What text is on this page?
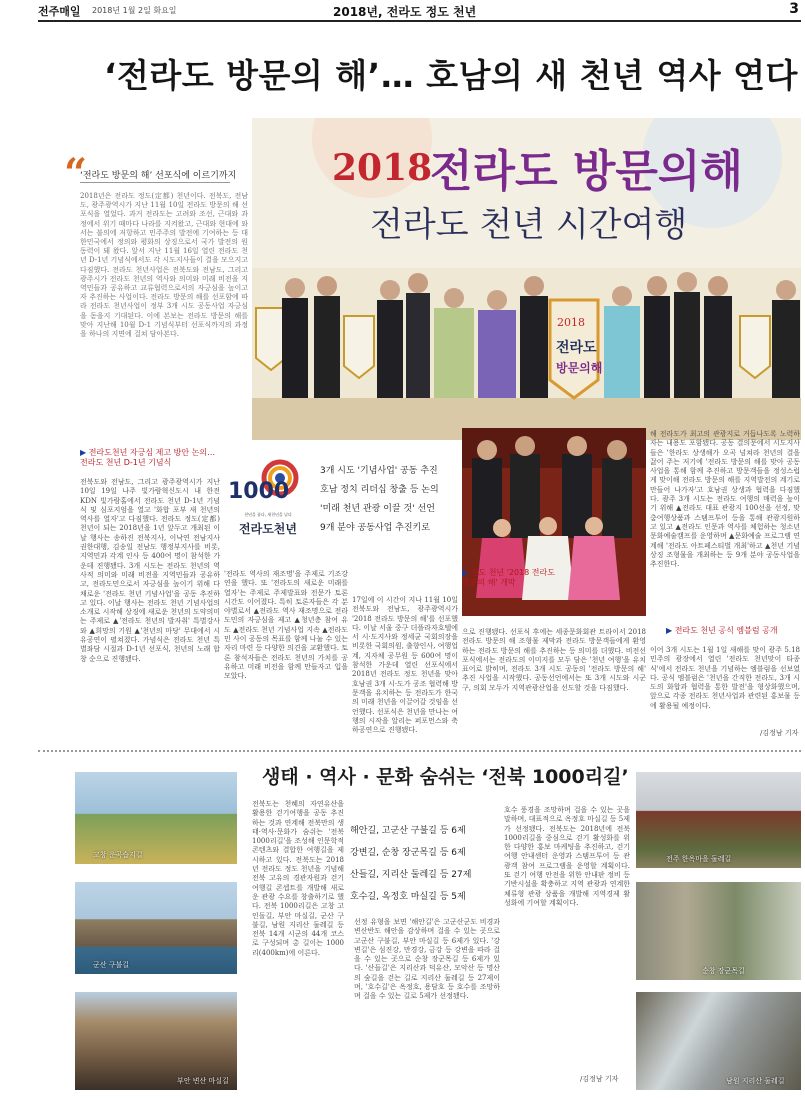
전주매일 2018년 1월 2일 화요일	2018년, 전라도 정도 천년	3
‘전라도 방문의 해’… 호남의 새 천년 역사 연다
“
‘전라도 방문의 해’ 선포식에 이르기까지

2018년은 전라도 정도(定都) 천년이다. 전북도, 전남도, 광주광역시가 지난 11월 10일 전라도 방문의 해 선포식을 열었다. 과거 전라도는 고려와 조선, 근대와 과정에서 위기 때마다 나라를 지켜왔고, 근대와 현대에 와서는 불의에 저항하고 민주주의 발전에 기여하는 등 대한민국에서 정의와 평화의 상징으로서 국가 발전의 원동력이 돼 왔다. 앞서 지난 11월 16일 열린 전라도 천년 D-1년 기념식에서도 각 시도지사들이 결을 모으지고 다짐했다. 전라도 천년사업은 전북도와 전남도, 그리고 광주시가 전라도 천년의 역사와 의미와 미래 비전을 지역민들과 공유하고 교류협력으로서의 자긍심을 높이고자 추진하는 사업이다. 전라도 방문의 해를 선포함에 따라 전라도 천년사업이 정부 3개 시도 공동사업 자긍심을 돋을지 기대된다. 이에 본보는 전라도 방문의 해를 맞아 지난해 10월 D-1 기념식부터 선포식까지의 과정을 하나의 지면에 걸쳐 담아본다.

2018
전라도 방문의해
전라도 천년 시간여행
2018
전라도
방문의해
▶ 전라도천년 자긍심 제고 방안 논의…
전라도 천년 D-1년 기념식

전북도와 전남도, 그리고 광주광역시가 지난 10일 19일 나주 빛가람혁신도시 내 한전 KDN 빛가람홀에서 전라도 천년 D-1년 기념식 및 심포지엄을 열고 '화합 포부 새 천년의 역사를 열자'고 다짐했다. 전라도 정도(定都) 천년이 되는 2018년을 1년 앞두고 개최된 이날 행사는 송하진 전북지사, 이낙연 전남지사 권한대행, 김송일 전남도 행정부지사를 비롯, 지역민과 각계 인사 등 400여 명이 참석한 가운데 진행됐다. 3개 시도는 전라도 천년의 역사적 의미와 미래 비전을 지역민들과 공유하고, 전라도민으로서 자긍심을 높이기 위해 다채로운 '전라도 천년 기념사업'을 공동 추진하고 있다. 이날 행사는 전라도 천년 기념사업의 소개로 시작해 상징에 새로운 천년의 도약의미는 주제로 ▲'전라도 천년의 발자취' 특별강사와 ▲희망의 기원 ▲'천년의 마당' 무대에서 시유공연이 펼쳐졌다. 가념식은 전라도 천년 특별좌담 시절과 D-1년 선포식, 천년의 노래 합창 순으로 진행됐다.

'전라도 역사의 재조명'을 주제로 기조강연을 했다. 또 '전라도의 새로운 미래를 열자'는 주제로 주제발표와 전문가 토론 시간도 이어졌다. 특히 토론자들은 각 분야별로서 ▲전라도 역사 재조명으로 전라도민의 자긍심을 제고 ▲청년층 참여 유도 ▲전라도 천년 기념사업 지속 ▲전라도민 사이 공동의 목표를 함께 나눌 수 있는 자리 마련 등 다양한 의견을 교환했다. 토론 참석자들은 전라도 천년의 가치를 공유하고 미래 비전을 함께 만들자고 입을 모았다.

1000
천년을 품다, 새천년을 날다
전라도천년
3개 시도 '기념사업' 공동 추진
호남 정치 리더십 창출 등 논의
'미래 천년 관광 이끌 것' 선언
9개 분야 공동사업 추진키로
▶ 정도 천년 '2018 전라도
방문의 해' 개막

17일에 이 시간이 지나 11월 10일 전북도와 전남도, 광주광역시가 '2018 전라도 방문의 해'를 선포했다. 이날 서울 중구 더플라자호텔에서 시·도지사와 정세균 국회의장을 비롯한 국회의원, 출향인사, 여행업계, 지자체 공무원 등 600여 명이 참석한 가운데 열린 선포식에서 2018년 전라도 정도 천년을 맞아 호남권 3개 시·도가 공조 협력해 방문객을 유치하는 등 전라도가 한국의 미래 천년을 이끌어갈 것임을 선언했다. 선포식은 천년을 만나는 여행의 시작을 알리는 퍼포먼스와 축하공연으로 진행됐다.

으로 진행됐다. 선포식 후에는 세종문화회관 트라이서 2018 전라도 방문의 해 조형물 제막과 전라도 방문객들에게 환영하는 전라도 방문의 해를 추진하는 등 의미를 더했다. 비전선포식에서는 전라도의 이미지를 모두 담은 '천년 여행'을 유치 표어로 밝히며, 전라도 3개 시도 공동의 '전라도 방문의 해' 추진 사업을 시작했다. 공동선언에서는 또 3개 시도와 시군구, 의회 모두가 지역관광산업을 선도할 것을 다짐했다.

해 전라도가 최고의 관광지로 거듭나도록 노력하자는 내용도 포함됐다. 공동 결의문에서 시도지사들은 '한라도 상생해가 오곡 넘쳐라 천년의 결을 끓어 주는 저기에 '전라도 방문의 해를 맞아 공동사업을 통해 함께 추진하고 방문객들을 정성스럽게 맞이해 전라도 방문의 해를 지역발전의 계기로 만들어 나가자'고 호남권 상생과 협력을 다짐했다. 광주 3개 시도는 전라도 여행의 매력을 높이기 위해 ▲전라도 대표 관광지 100선을 선정, 맞춤여행상품과 스탬프투어 등을 통해 관광지원하고 있고 ▲전라도 인문과 역사를 체험하는 청소년 문화예술캠프를 운영하며 ▲문화예술 프로그램 연계해 '전라도 아트페스티벌 개최'하고 ▲천년 기념 상징 조형물을 개최하는 등 9개 분야 공동사업을 추진한다.

▶ 전라도 천년 공식 엠블럼 공개

이어 3개 시도는 1월 1일 새해를 맞이 광주 5.18 민주의 광장에서 열린 '전라도 천년맞이 타종식'에서 전라도 천년을 기념하는 엠블럼을 선보였다. 공식 엠블럼은 '천년을 간직한 전라도, 3개 시도의 화합과 협력을 통한 발전'을 형상화했으며, 앞으로 각종 전라도 천년사업과 관련된 홍보물 등에 활용될 예정이다.

/김정남 기자
생태 · 역사 · 문화 숨쉬는 ‘전북 1000리길’
고창 운곡습지길
군산 구불길
부안 변산 마실길

전북도는 천혜의 자연유산을 활용한 걷기여행을 공동 추진하는 것과 연계해 전북만의 생태·역사·문화가 숨쉬는 '전북 1000리길'을 조성해 인문학적 콘텐츠와 결합한 여행길을 제시하고 있다. 전북도는 2018년 전라도 정도 천년을 기념해 전북 고유의 경관자원과 걷기 여행길 콘셉트를 개발해 새로운 관광 수요를 창출하기로 했다. 전북 1000리길은 고창 고인돌길, 부안 마실길, 군산 구불길, 남원 지리산 둘레길 등 전북 14개 시군의 44개 코스로 구성되며 총 길이는 1000리(400km)에 이른다.

해안길, 고군산 구불길 등 6제
강변길, 순창 장군목길 등 6제
산들길, 지리산 둘레길 등 27제
호수길, 옥정호 마실길 등 5제

선정 유형을 보면 '해안길'은 고군산군도 비경과 변산반도 해안을 감상하며 걸을 수 있는 곳으로 고군산 구불길, 부안 마실길 등 6제가 있다. '강변길'은 섬진강, 만경강, 금강 등 강변을 따라 걸을 수 있는 곳으로 순창 장군목길 등 6제가 있다. '산들길'은 지리산과 덕유산, 모악산 등 명산의 숲길을 걷는 길로 지리산 둘레길 등 27제이며, '호수길'은 옥정호, 용담호 등 호수를 조망하며 걸을 수 있는 길로 5제가 선정됐다.

호수 풍경을 조망하며 걸을 수 있는 곳을 말하며, 대표적으로 옥정호 마실길 등 5제가 선정됐다. 전북도는 2018년에 전북 1000리길을 중심으로 걷기 활성화를 위한 다양한 홍보 마케팅을 추진하고, 걷기 여행 안내센터 운영과 스탬프투어 등 관광객 참여 프로그램을 운영할 계획이다. 또 걷기 여행 안전을 위한 안내판 정비 등 기반시설을 확충하고 지역 관광과 연계한 체류형 관광 상품을 개발해 지역경제 활성화에 기여할 계획이다.

/김정남 기자
전주 한옥마을 둘레길
순창 장군목길
남원 지리산 둘레길
